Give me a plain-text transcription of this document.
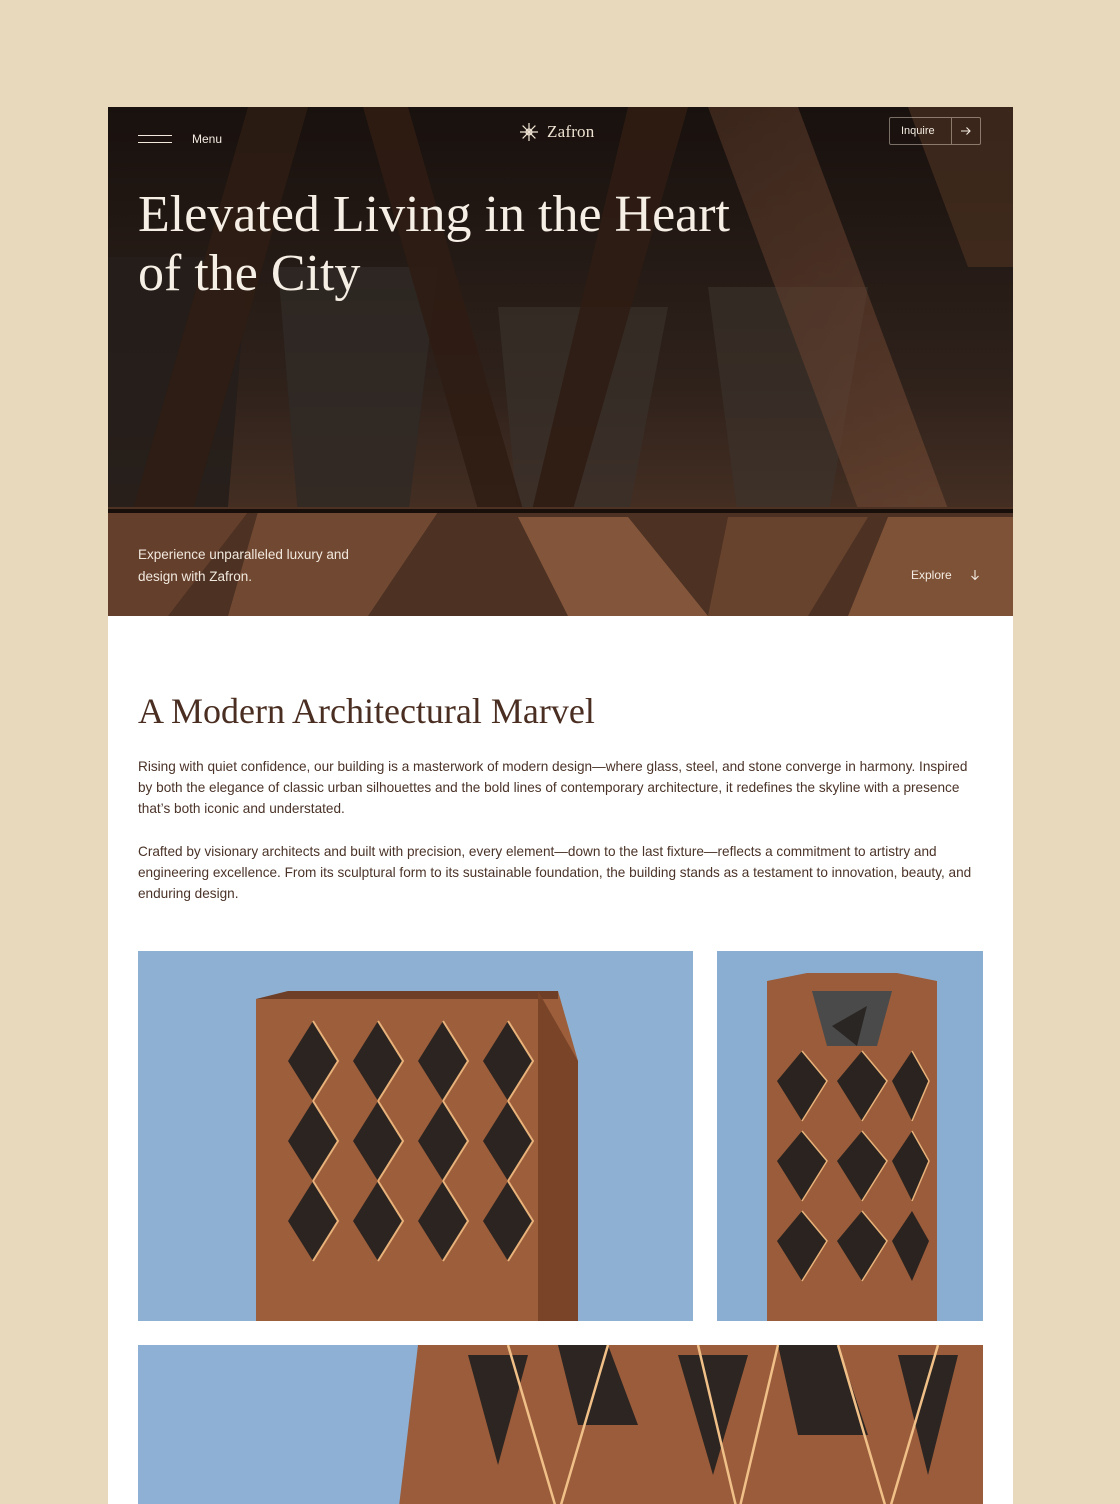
Menu	Zafron	Inquire
Elevated Living in the Heart of the City

Experience unparalleled luxury and design with Zafron.	Explore
A Modern Architectural Marvel

Rising with quiet confidence, our building is a masterwork of modern design—where glass, steel, and stone converge in harmony. Inspired by both the elegance of classic urban silhouettes and the bold lines of contemporary architecture, it redefines the skyline with a presence that’s both iconic and understated.

Crafted by visionary architects and built with precision, every element—down to the last fixture—reflects a commitment to artistry and engineering excellence. From its sculptural form to its sustainable foundation, the building stands as a testament to innovation, beauty, and enduring design.
